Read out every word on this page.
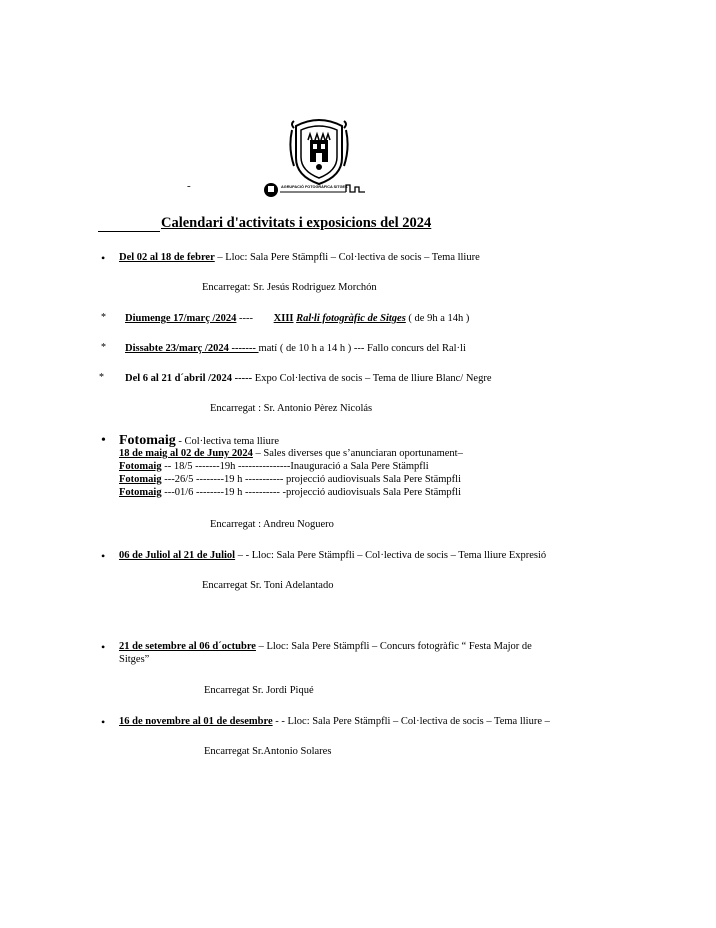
-	AGRUPACIÓ FOTOGRÀFICA SITGES
Calendari d'activitats i exposicions del 2024
• Del 02 al 18 de febrer – Lloc: Sala Pere Stämpfli – Col·lectiva de socis – Tema lliure
Encarregat: Sr. Jesús Rodriguez Morchón
* Diumenge 17/març /2024 ---- XIII Ral·li fotogràfic de Sitges ( de 9h a 14h )
* Dissabte 23/març /2024 ------- matí ( de 10 h a 14 h ) --- Fallo concurs del Ral·li
* Del 6 al 21 d´abril /2024 ----- Expo Col·lectiva de socis – Tema de lliure Blanc/ Negre
Encarregat : Sr. Antonio Pèrez Nicolás
• Fotomaig - Col·lectiva tema lliure
18 de maig al 02 de Juny 2024 – Sales diverses que s’anunciaran oportunament–
Fotomaig -- 18/5 -------19h ---------------Inauguració a Sala Pere Stämpfli
Fotomaig ---26/5 --------19 h ----------- projecció audiovisuals Sala Pere Stämpfli
Fotomaig ---01/6 --------19 h ---------- -projecció audiovisuals Sala Pere Stämpfli
Encarregat : Andreu Noguero
• 06 de Juliol al 21 de Juliol – - Lloc: Sala Pere Stämpfli – Col·lectiva de socis – Tema lliure Expresió
Encarregat Sr. Toni Adelantado
• 21 de setembre al 06 d´octubre – Lloc: Sala Pere Stämpfli – Concurs fotogràfic “ Festa Major de
Sitges”
Encarregat Sr. Jordi Piqué
• 16 de novembre al 01 de desembre - - Lloc: Sala Pere Stämpfli – Col·lectiva de socis – Tema lliure –
Encarregat Sr.Antonio Solares
